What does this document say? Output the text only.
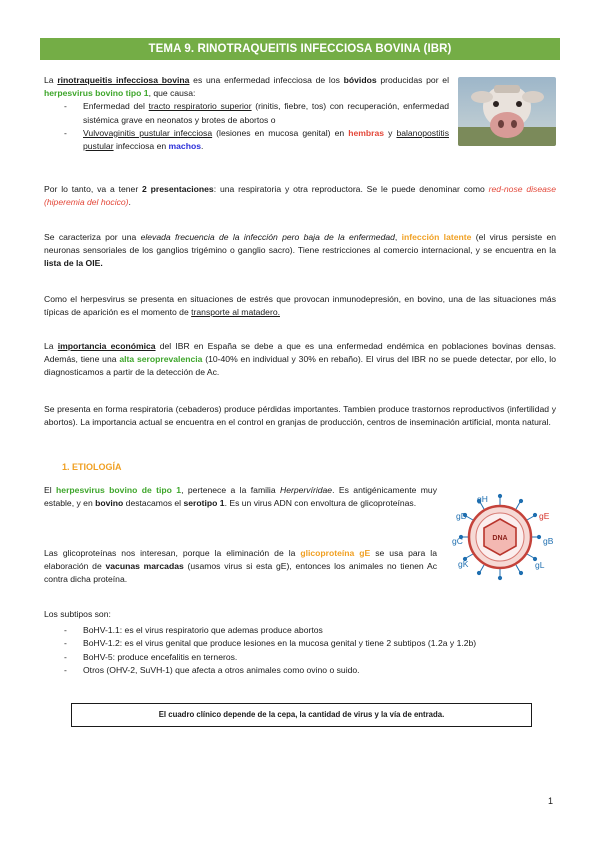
TEMA 9. RINOTRAQUEITIS INFECCIOSA BOVINA (IBR)

La rinotraqueitis infecciosa bovina es una enfermedad infecciosa de los bóvidos producidas por el herpesvirus bovino tipo 1, que causa:

- Enfermedad del tracto respiratorio superior (rinitis, fiebre, tos) con recuperación, enfermedad sistémica grave en neonatos y brotes de abortos o
- Vulvovaginitis pustular infecciosa (lesiones en mucosa genital) en hembras y balanopostitis pustular infecciosa en machos.

Por lo tanto, va a tener 2 presentaciones: una respiratoria y otra reproductora. Se le puede denominar como red-nose disease (hiperemia del hocico).

Se caracteriza por una elevada frecuencia de la infección pero baja de la enfermedad, infección latente (el virus persiste en neuronas sensoriales de los ganglios trigémino o ganglio sacro). Tiene restricciones al comercio internacional, y se encuentra en la lista de la OIE.

Como el herpesvirus se presenta en situaciones de estrés que provocan inmunodepresión, en bovino, una de las situaciones más típicas de aparición es el momento de transporte al matadero.

La importancia económica del IBR en España se debe a que es una enfermedad endémica en poblaciones bovinas densas. Además, tiene una alta seroprevalencia (10-40% en individual y 30% en rebaño). El virus del IBR no se puede detectar, por ello, lo diagnosticamos a partir de la detección de Ac.

Se presenta en forma respiratoria (cebaderos) produce pérdidas importantes. Tambien produce trastornos reproductivos (infertilidad y abortos). La importancia actual se encuentra en el control en granjas de producción, centros de inseminación artificial, monta natural.

1. ETIOLOGÍA
DNA
gH
gD	gE
gC	gB
gK	gL

El herpesvirus bovino de tipo 1, pertenece a la familia Herpervíridae. Es antigénicamente muy estable, y en bovino destacamos el serotipo 1. Es un virus ADN con envoltura de glicoproteínas.

Las glicoproteínas nos interesan, porque la eliminación de la glicoproteína gE se usa para la elaboración de vacunas marcadas (usamos virus si esta gE), entonces los animales no tienen Ac contra dicha proteína.

Los subtipos son:

- BoHV-1.1: es el virus respiratorio que ademas produce abortos
- BoHV-1.2: es el virus genital que produce lesiones en la mucosa genital y tiene 2 subtipos (1.2a y 1.2b)
- BoHV-5: produce encefalitis en terneros.
- Otros (OHV-2, SuVH-1) que afecta a otros animales como ovino o suido.
El cuadro clínico depende de la cepa, la cantidad de virus y la vía de entrada.
1
